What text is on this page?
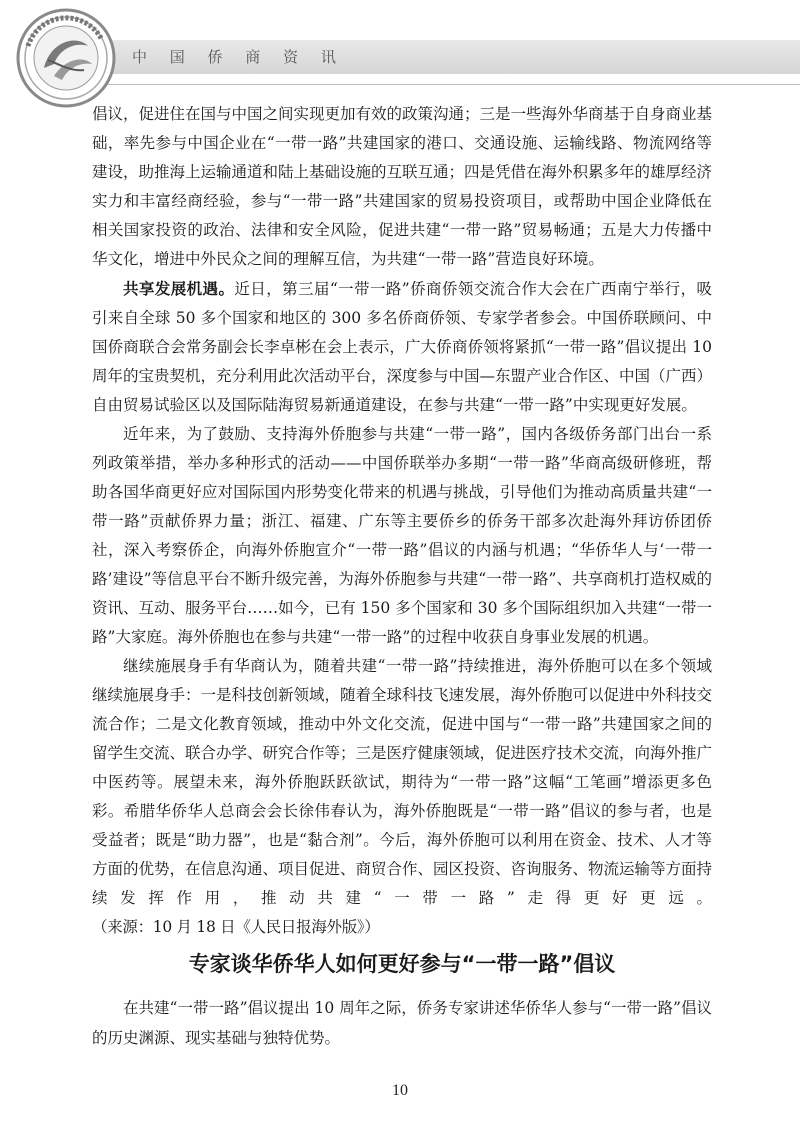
中 国 侨 商 资 讯

倡议，促进住在国与中国之间实现更加有效的政策沟通；三是一些海外华商基于自身商业基础，率先参与中国企业在“一带一路”共建国家的港口、交通设施、运输线路、物流网络等建设，助推海上运输通道和陆上基础设施的互联互通；四是凭借在海外积累多年的雄厚经济实力和丰富经商经验，参与“一带一路”共建国家的贸易投资项目，或帮助中国企业降低在相关国家投资的政治、法律和安全风险，促进共建“一带一路”贸易畅通；五是大力传播中华文化，增进中外民众之间的理解互信，为共建“一带一路”营造良好环境。

共享发展机遇。近日，第三届“一带一路”侨商侨领交流合作大会在广西南宁举行，吸引来自全球 50 多个国家和地区的 300 多名侨商侨领、专家学者参会。中国侨联顾问、中国侨商联合会常务副会长李卓彬在会上表示，广大侨商侨领将紧抓“一带一路”倡议提出 10 周年的宝贵契机，充分利用此次活动平台，深度参与中国—东盟产业合作区、中国（广西）自由贸易试验区以及国际陆海贸易新通道建设，在参与共建“一带一路”中实现更好发展。

近年来，为了鼓励、支持海外侨胞参与共建“一带一路”，国内各级侨务部门出台一系列政策举措，举办多种形式的活动——中国侨联举办多期“一带一路”华商高级研修班，帮助各国华商更好应对国际国内形势变化带来的机遇与挑战，引导他们为推动高质量共建“一带一路”贡献侨界力量；浙江、福建、广东等主要侨乡的侨务干部多次赴海外拜访侨团侨社，深入考察侨企，向海外侨胞宣介“一带一路”倡议的内涵与机遇；“华侨华人与‘一带一路’建设”等信息平台不断升级完善，为海外侨胞参与共建“一带一路”、共享商机打造权威的资讯、互动、服务平台……如今，已有 150 多个国家和 30 多个国际组织加入共建“一带一路”大家庭。海外侨胞也在参与共建“一带一路”的过程中收获自身事业发展的机遇。

继续施展身手有华商认为，随着共建“一带一路”持续推进，海外侨胞可以在多个领域继续施展身手：一是科技创新领域，随着全球科技飞速发展，海外侨胞可以促进中外科技交流合作；二是文化教育领域，推动中外文化交流，促进中国与“一带一路”共建国家之间的留学生交流、联合办学、研究合作等；三是医疗健康领域，促进医疗技术交流，向海外推广中医药等。展望未来，海外侨胞跃跃欲试，期待为“一带一路”这幅“工笔画”增添更多色彩。希腊华侨华人总商会会长徐伟春认为，海外侨胞既是“一带一路”倡议的参与者，也是受益者；既是“助力器”，也是“黏合剂”。今后，海外侨胞可以利用在资金、技术、人才等方面的优势，在信息沟通、项目促进、商贸合作、园区投资、咨询服务、物流运输等方面持续发挥作用，推动共建“一带一路”走得更好更远。（来源：10 月 18 日《人民日报海外版》）

专家谈华侨华人如何更好参与“一带一路”倡议

在共建“一带一路”倡议提出 10 周年之际，侨务专家讲述华侨华人参与“一带一路”倡议的历史渊源、现实基础与独特优势。

10
